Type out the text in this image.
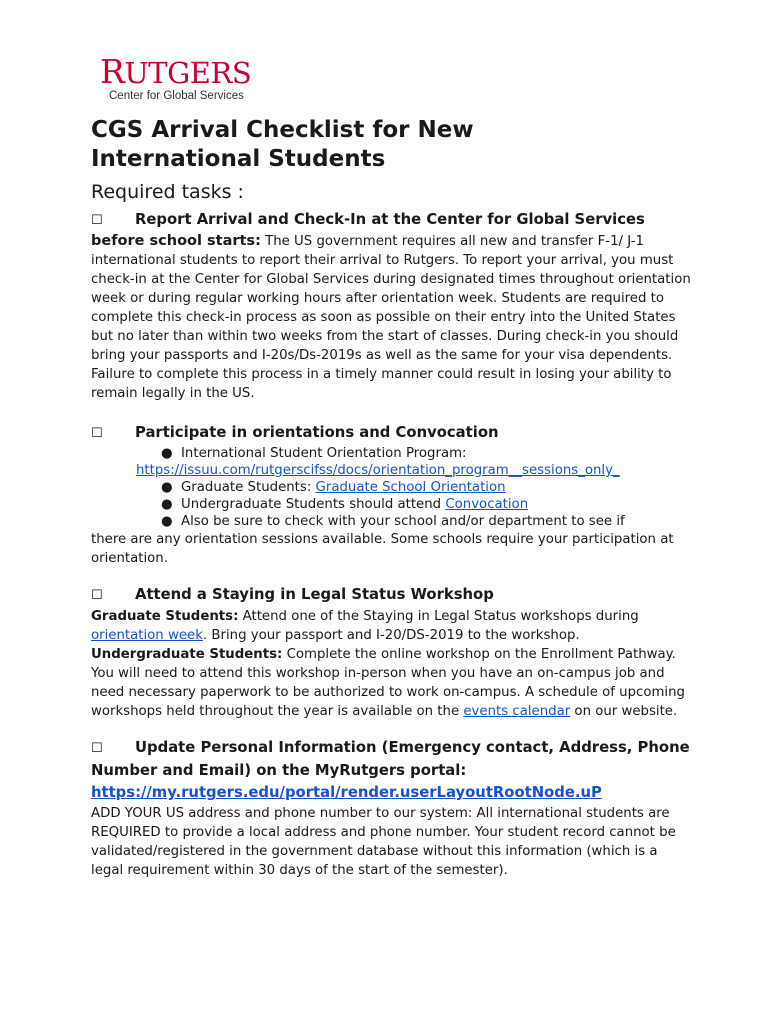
RUTGERS
Center for Global Services
CGS Arrival Checklist for New
International Students
Required tasks :
☐ Report Arrival and Check-In at the Center for Global Services

before school starts: The US government requires all new and transfer F-1/ J-1 international students to report their arrival to Rutgers. To report your arrival, you must check-in at the Center for Global Services during designated times throughout orientation week or during regular working hours after orientation week. Students are required to complete this check-in process as soon as possible on their entry into the United States but no later than within two weeks from the start of classes. During check-in you should bring your passports and I-20s/Ds-2019s as well as the same for your visa dependents. Failure to complete this process in a timely manner could result in losing your ability to remain legally in the US.

☐ Participate in orientations and Convocation
● International Student Orientation Program:
https://issuu.com/rutgerscifss/docs/orientation_program__sessions_only_
● Graduate Students: Graduate School Orientation
● Undergraduate Students should attend Convocation
● Also be sure to check with your school and/or department to see if
there are any orientation sessions available. Some schools require your participation at orientation.
☐ Attend a Staying in Legal Status Workshop

Graduate Students: Attend one of the Staying in Legal Status workshops during orientation week. Bring your passport and I-20/DS-2019 to the workshop.

Undergraduate Students: Complete the online workshop on the Enrollment Pathway. You will need to attend this workshop in-person when you have an on-campus job and need necessary paperwork to be authorized to work on-campus. A schedule of upcoming workshops held throughout the year is available on the events calendar on our website.

☐ Update Personal Information (Emergency contact, Address, Phone Number and Email) on the MyRutgers portal:
https://my.rutgers.edu/portal/render.userLayoutRootNode.uP

ADD YOUR US address and phone number to our system: All international students are REQUIRED to provide a local address and phone number. Your student record cannot be validated/registered in the government database without this information (which is a legal requirement within 30 days of the start of the semester).
